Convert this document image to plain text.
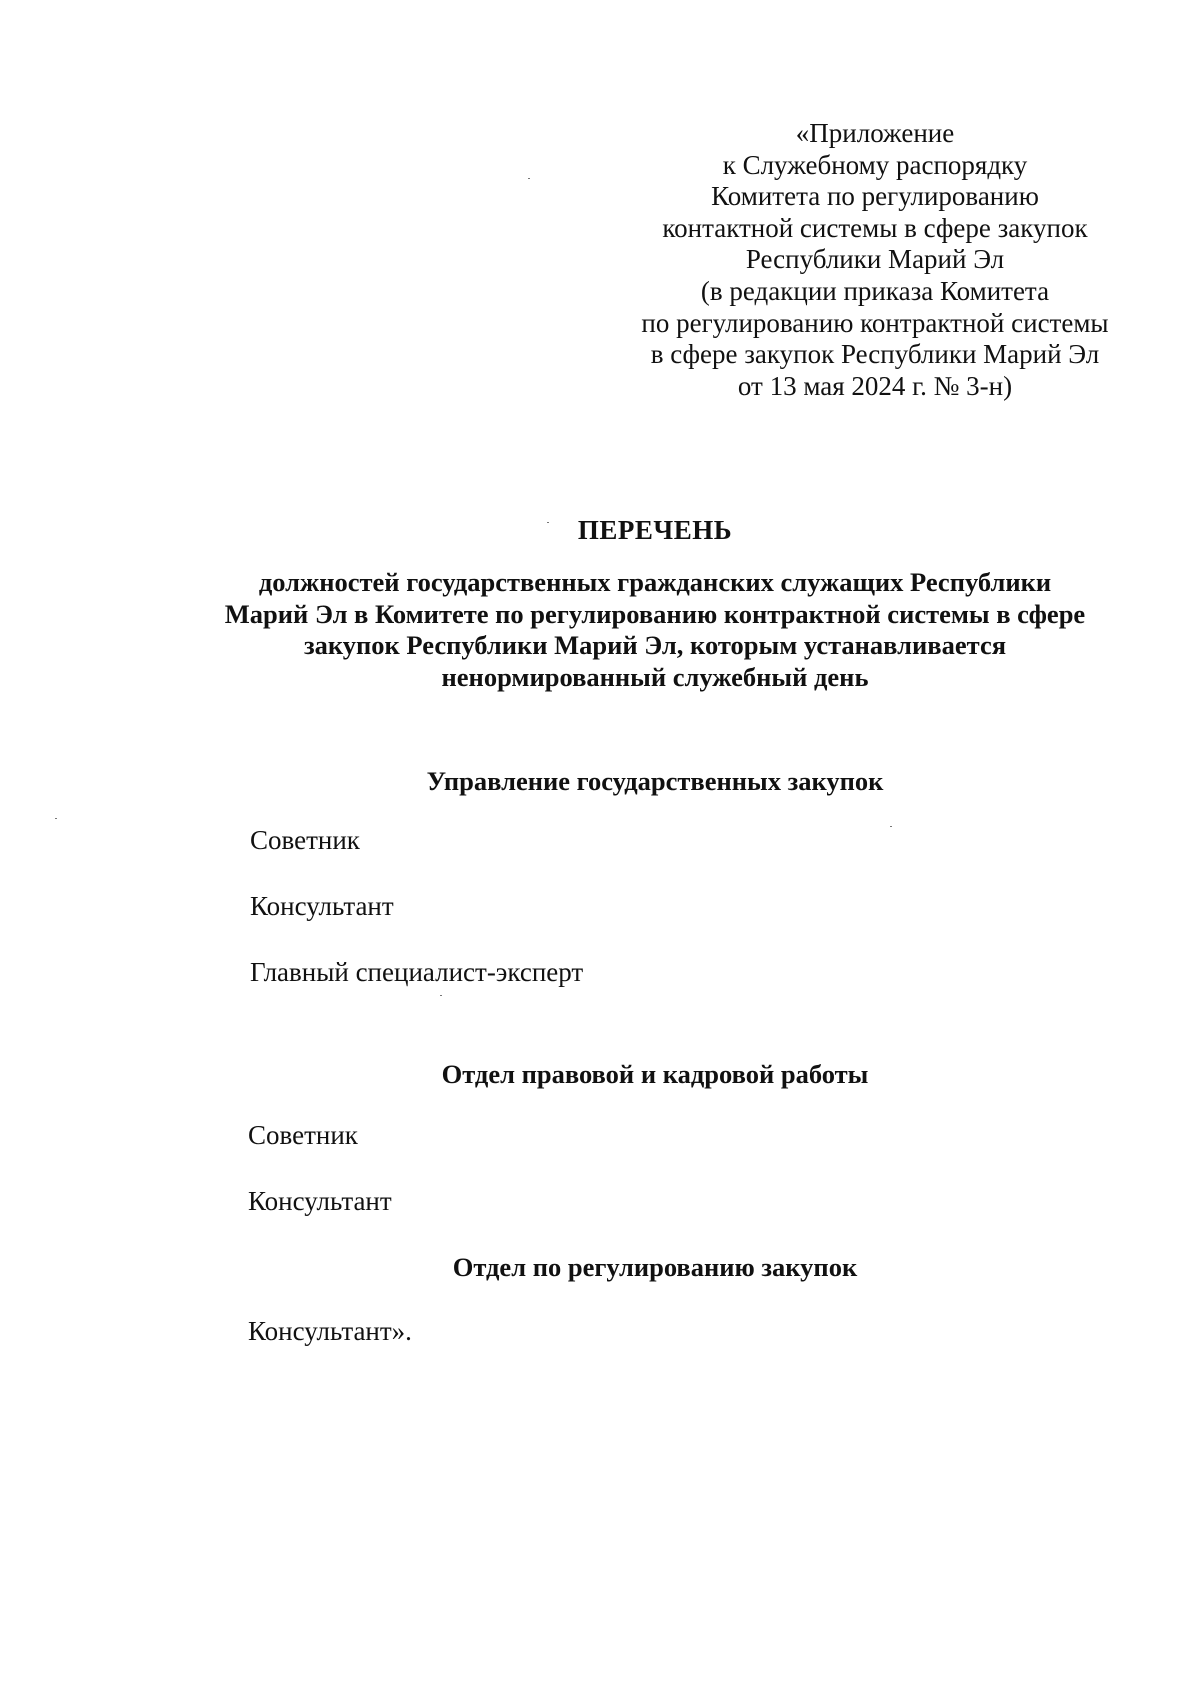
«Приложение
к Служебному распорядку
Комитета по регулированию
контактной системы в сфере закупок
Республики Марий Эл
(в редакции приказа Комитета
по регулированию контрактной системы
в сфере закупок Республики Марий Эл
от 13 мая 2024 г. № 3-н)
ПЕРЕЧЕНЬ
должностей государственных гражданских служащих Республики
Марий Эл в Комитете по регулированию контрактной системы в сфере
закупок Республики Марий Эл, которым устанавливается
ненормированный служебный день
Управление государственных закупок
Советник
Консультант
Главный специалист-эксперт
Отдел правовой и кадровой работы
Советник
Консультант
Отдел по регулированию закупок
Консультант».
